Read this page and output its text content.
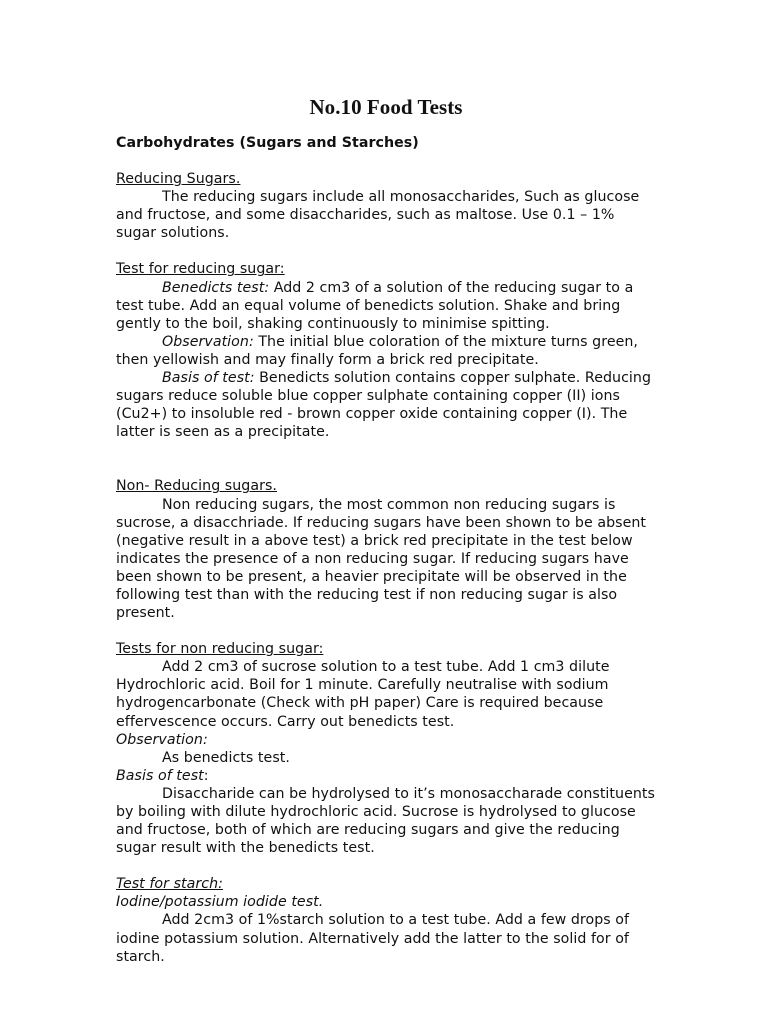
No.10 Food Tests

Carbohydrates (Sugars and Starches)

Reducing Sugars.

The reducing sugars include all monosaccharides, Such as glucose and fructose, and some disaccharides, such as maltose. Use 0.1 – 1% sugar solutions.

Test for reducing sugar:

Benedicts test: Add 2 cm3 of a solution of the reducing sugar to a test tube. Add an equal volume of benedicts solution. Shake and bring gently to the boil, shaking continuously to minimise spitting.

Observation: The initial blue coloration of the mixture turns green, then yellowish and may finally form a brick red precipitate.

Basis of test: Benedicts solution contains copper sulphate. Reducing sugars reduce soluble blue copper sulphate containing copper (II) ions (Cu2+) to insoluble red - brown copper oxide containing copper (I). The latter is seen as a precipitate.

Non- Reducing sugars.

Non reducing sugars, the most common non reducing sugars is sucrose, a disacchriade. If reducing sugars have been shown to be absent (negative result in a above test) a brick red precipitate in the test below indicates the presence of a non reducing sugar. If reducing sugars have been shown to be present, a heavier precipitate will be observed in the following test than with the reducing test if non reducing sugar is also present.

Tests for non reducing sugar:

Add 2 cm3 of sucrose solution to a test tube. Add 1 cm3 dilute Hydrochloric acid. Boil for 1 minute. Carefully neutralise with sodium hydrogencarbonate (Check with pH paper) Care is required because effervescence occurs. Carry out benedicts test.

Observation:

As benedicts test.

Basis of test:

Disaccharide can be hydrolysed to it’s monosaccharade constituents by boiling with dilute hydrochloric acid. Sucrose is hydrolysed to glucose and fructose, both of which are reducing sugars and give the reducing sugar result with the benedicts test.

Test for starch:

Iodine/potassium iodide test.

Add 2cm3 of 1%starch solution to a test tube. Add a few drops of iodine potassium solution. Alternatively add the latter to the solid for of starch.
